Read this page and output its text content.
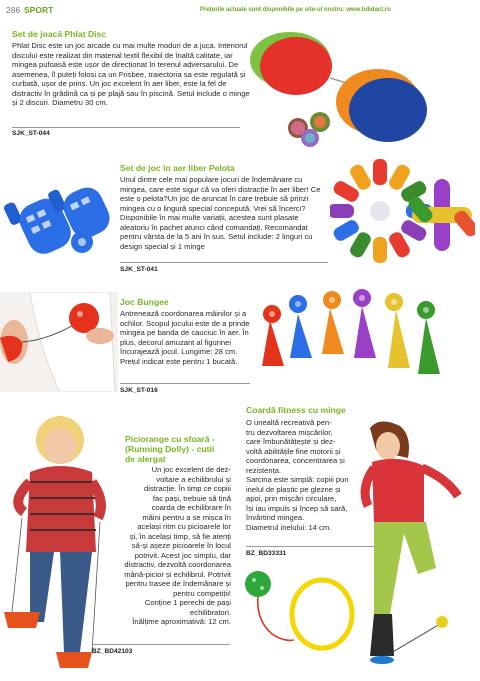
286 SPORT	Prețurile actuale sunt disponibile pe site-ul nostru: www.bdidact.ro
Set de joacă Phlat Disc
Phlat Disc este un joc arcade cu mai multe moduri de a juca. Interiorul discului este realizat din material textil flexibil de înaltă calitate, iar mingea pufoasă este ușor de direcționat în terenul adversarului. De asemenea, îl puteți folosi ca un Frisbee, traiectoria sa este regulată și curbată, ușor de prins. Un joc excelent în aer liber, este la fel de distractiv în grădină ca și pe plajă sau în piscină. Setul include o minge și 2 discuri. Diametru 30 cm.
SJK_ST-044
Set de joc în aer liber Pelota
Unul dintre cele mai populare jocuri de îndemânare cu mingea, care este sigur că va oferi distracție în aer liber! Ce este o pelota?Un joc de aruncat în care trebuie să prinzi mingea cu o lingură special concepută. Vrei să încerci? Disponibile în mai multe variații, acestea sunt plasate aleatoriu în pachet atunci când comandați. Recomandat pentru vârsta de la 5 ani în sus. Setul include: 2 linguri cu design special și 1 minge
SJK_ST-041
Joc Bungee
Antrenează coordonarea mâinilor și a ochilor. Scopul jocului este de a prinde mingea pe banda de cauciuc în aer. În plus, decorul amuzant al figurinei încurajează jocul. Lungime: 28 cm. Prețul indicat este pentru 1 bucată.
SJK_ST-016
Piciorange cu sfoară - (Running Dolly) - cutii de alergat

Un joc excelent de dez-

voltare a echilibrului și

distracție. În timp ce copiii

fac pași, trebuie să țină

coarda de echilibrare în

mâini pentru a se mișca în

același ritm cu picioarele lor

și, în același timp, să fie atenți

să-și așeze picioarele în locul

potrivit. Acest joc simplu, dar

distractiv, dezvoltă coordonarea

mână-picior și echilibrul. Potrivit

pentru trasee de îndemânare și

pentru competiții!

Conține 1 perechi de pași

echilibratori.

Înălțime aproximativă: 12 cm.

BZ_BD42103
Coardă fitness cu minge

O unealtă recreativă pen-

tru dezvoltarea mișcărilor,

care îmbunătățește și dez-

voltă abilitățile fine motorii și

coordonarea, concentrarea și

rezistența.

Sarcina este simplă: copiii pun

inelul de plastic pe glezne și

apoi, prin mișcări circulare,

își iau impuls și încep să sară,

învârtind mingea.

Diametrul inelului: 14 cm.

BZ_BD33331
